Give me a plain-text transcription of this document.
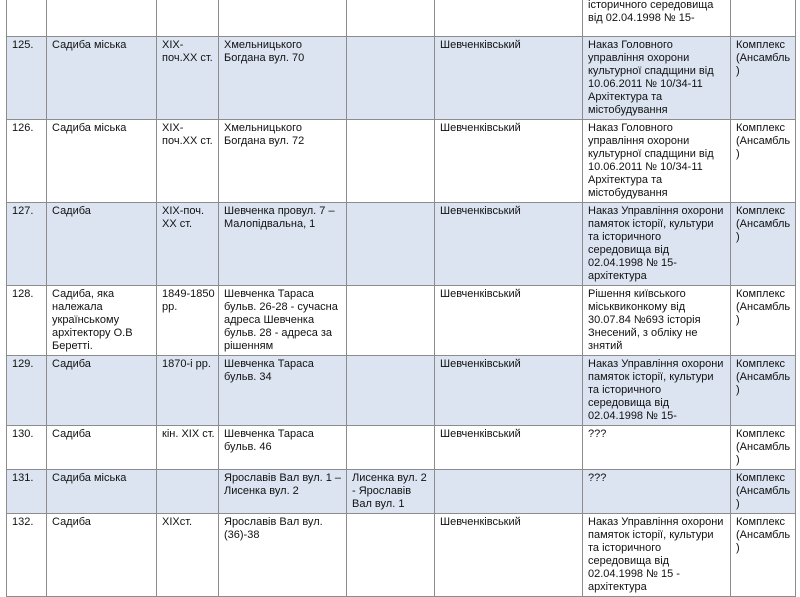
						історичного середовища від 02.04.1998 № 15-	
125.	Садиба міська	ХІХ-поч.ХХ ст.	Хмельницького Богдана вул. 70		Шевченківський	Наказ Головного управління охорони культурної спадщини від 10.06.2011 № 10/34-11 Архітектура та містобудування	Комплекс (Ансамбль)
126.	Садиба міська	ХІХ-поч.ХХ ст.	Хмельницького Богдана вул. 72		Шевченківський	Наказ Головного управління охорони культурної спадщини від 10.06.2011 № 10/34-11 Архітектура та містобудування	Комплекс (Ансамбль)
127.	Садиба	ХІХ-поч. ХХ ст.	Шевченка провул. 7 – Малопідвальна, 1		Шевченківський	Наказ Управління охорони памяток історії, культури та історичного середовища від 02.04.1998 № 15- архітектура	Комплекс (Ансамбль)
128.	Садиба, яка належала українському архітектору О.В Беретті.	1849-1850 рр.	Шевченка Тараса бульв. 26-28 - сучасна адреса Шевченка бульв. 28 - адреса за рішенням		Шевченківський	Рішення київського міськвиконкому від 30.07.84 №693 історія Знесений, з обліку не знятий	Комплекс (Ансамбль)
129.	Садиба	1870-і рр.	Шевченка Тараса бульв. 34		Шевченківський	Наказ Управління охорони памяток історії, культури та історичного середовища від 02.04.1998 № 15-	Комплекс (Ансамбль)
130.	Садиба	кін. ХІХ ст.	Шевченка Тараса бульв. 46		Шевченківський	???	Комплекс (Ансамбль)
131.	Садиба міська		Ярославів Вал вул. 1 – Лисенка вул. 2	Лисенка вул. 2 - Ярославів Вал вул. 1		???	Комплекс (Ансамбль)
132.	Садиба	ХІХст.	Ярославів Вал вул. (36)-38		Шевченківський	Наказ Управління охорони памяток історії, культури та історичного середовища від 02.04.1998 № 15 - архітектура	Комплекс (Ансамбль)
